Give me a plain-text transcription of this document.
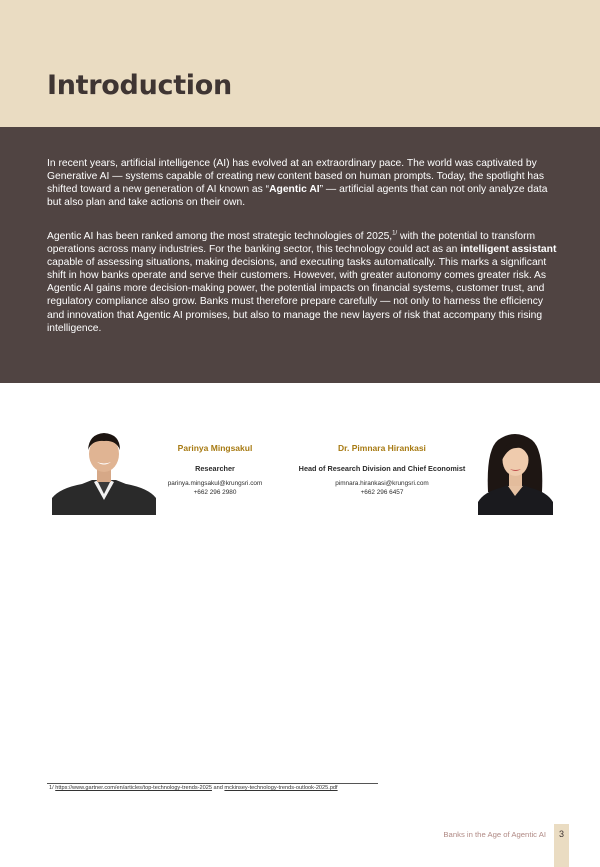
Introduction

In recent years, artificial intelligence (AI) has evolved at an extraordinary pace. The world was captivated by Generative AI — systems capable of creating new content based on human prompts. Today, the spotlight has shifted toward a new generation of AI known as “Agentic AI” — artificial agents that can not only analyze data but also plan and take actions on their own.

Agentic AI has been ranked among the most strategic technologies of 2025,$^{1/}$ with the potential to transform operations across many industries. For the banking sector, this technology could act as an intelligent assistant capable of assessing situations, making decisions, and executing tasks automatically. This marks a significant shift in how banks operate and serve their customers. However, with greater autonomy comes greater risk. As Agentic AI gains more decision-making power, the potential impacts on financial systems, customer trust, and regulatory compliance also grow. Banks must therefore prepare carefully — not only to harness the efficiency and innovation that Agentic AI promises, but also to manage the new layers of risk that accompany this rising intelligence.

Parinya Mingsakul
Researcher
parinya.mingsakul@krungsri.com
+662 296 2980
Dr. Pimnara Hirankasi
Head of Research Division and Chief Economist
pimnara.hirankasi@krungsri.com
+662 296 6457
1/ https://www.gartner.com/en/articles/top-technology-trends-2025 and mckinsey-technology-trends-outlook-2025.pdf
Banks in the Age of Agentic AI	3
